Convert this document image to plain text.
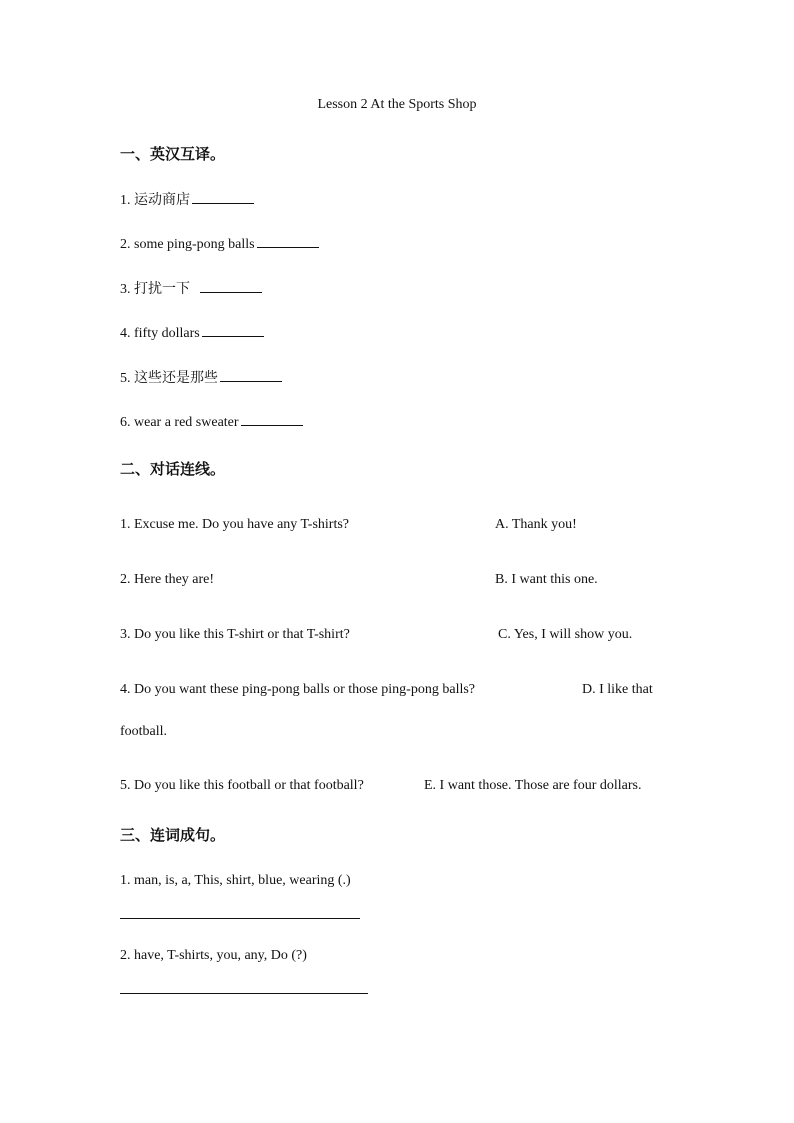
Lesson 2 At the Sports Shop
一、英汉互译。
1. 运动商店
2. some ping-pong balls
3. 打扰一下
4. fifty dollars
5. 这些还是那些
6. wear a red sweater
二、对话连线。
1. Excuse me. Do you have any T-shirts?	A. Thank you!
2. Here they are!	B. I want this one.
3. Do you like this T-shirt or that T-shirt?	C. Yes, I will show you.
4. Do you want these ping-pong balls or those ping-pong balls?	D. I like that
football.
5. Do you like this football or that football?	E. I want those. Those are four dollars.
三、连词成句。
1. man, is, a, This, shirt, blue, wearing (.)
2. have, T-shirts, you, any, Do (?)
